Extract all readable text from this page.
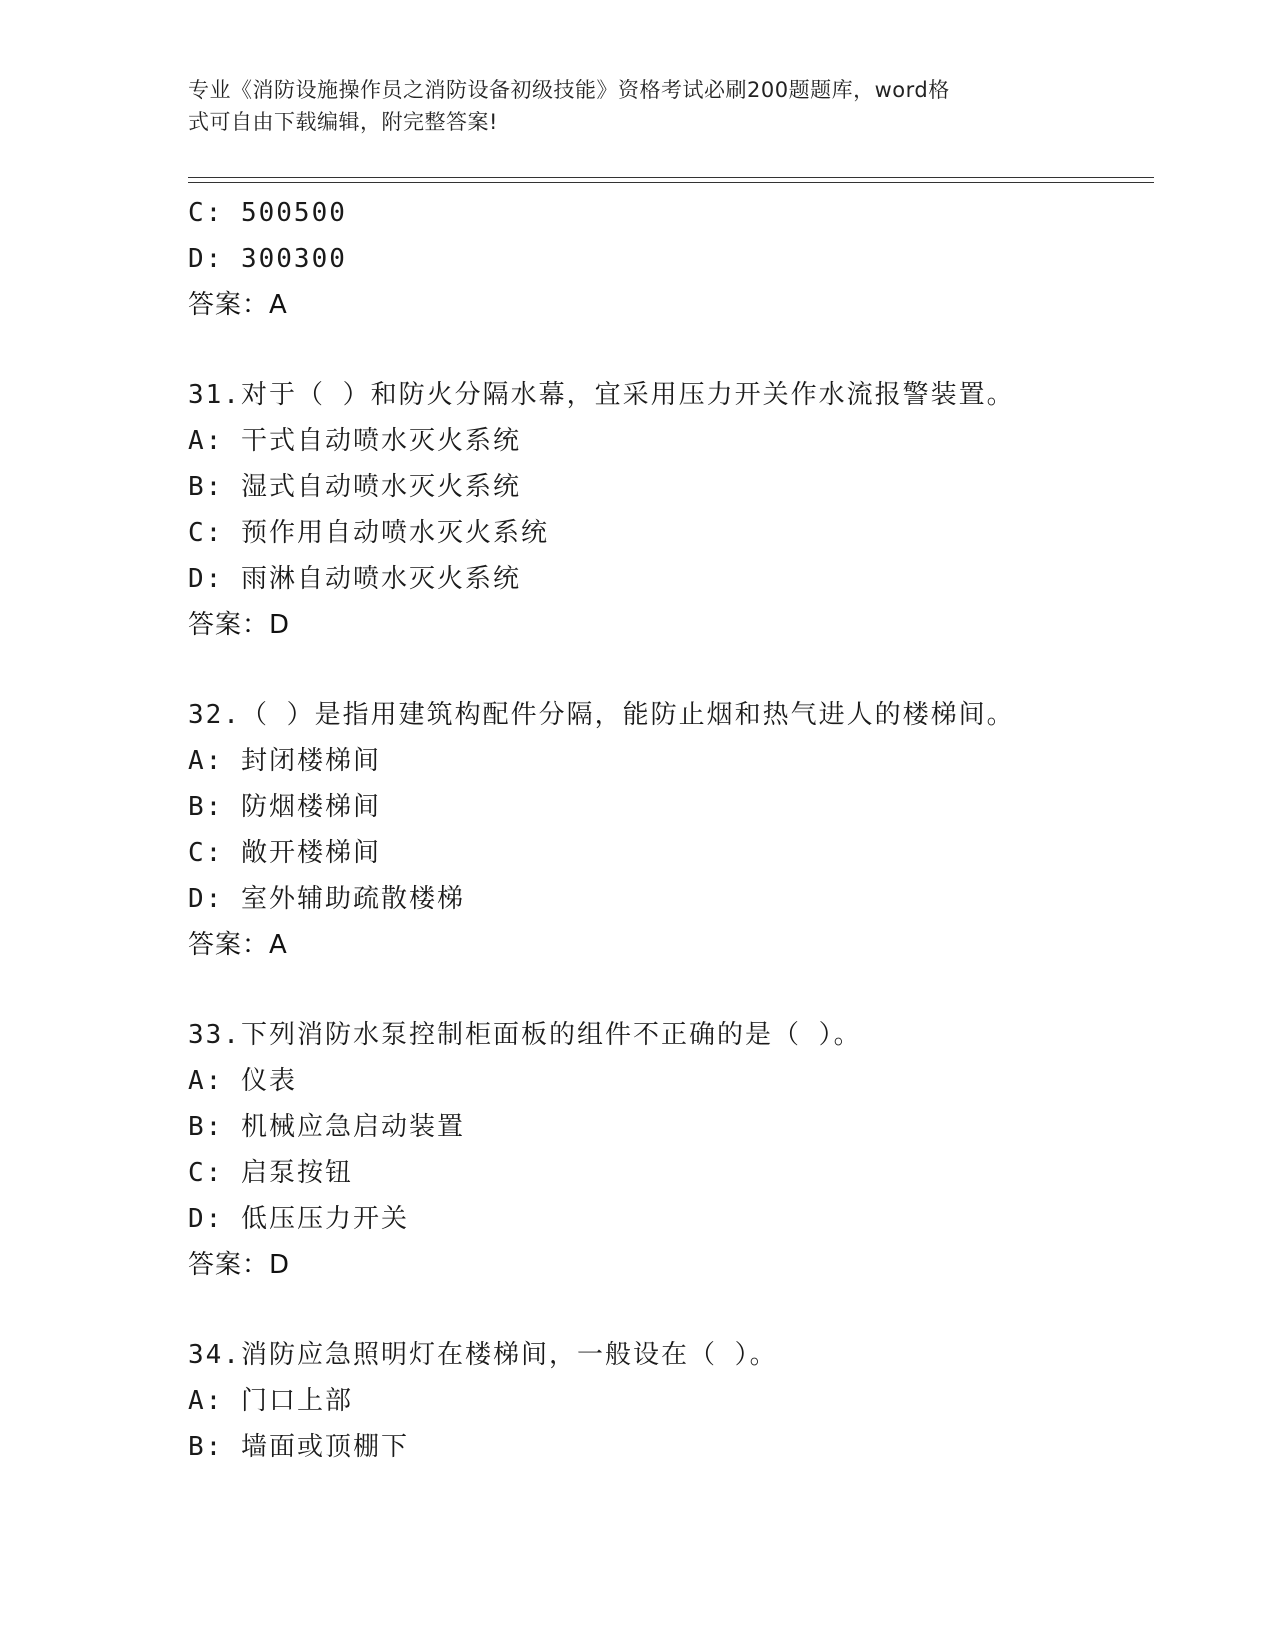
专业《消防设施操作员之消防设备初级技能》资格考试必刷200题题库，word格
式可自由下载编辑，附完整答案!
C: 500500
D: 300300
答案：A
31.对于（ ）和防火分隔水幕，宜采用压力开关作水流报警装置。
A: 干式自动喷水灭火系统
B: 湿式自动喷水灭火系统
C: 预作用自动喷水灭火系统
D: 雨淋自动喷水灭火系统
答案：D
32.（ ）是指用建筑构配件分隔，能防止烟和热气进人的楼梯间。
A: 封闭楼梯间
B: 防烟楼梯间
C: 敞开楼梯间
D: 室外辅助疏散楼梯
答案：A
33.下列消防水泵控制柜面板的组件不正确的是（ ）。
A: 仪表
B: 机械应急启动装置
C: 启泵按钮
D: 低压压力开关
答案：D
34.消防应急照明灯在楼梯间，一般设在（ ）。
A: 门口上部
B: 墙面或顶棚下
